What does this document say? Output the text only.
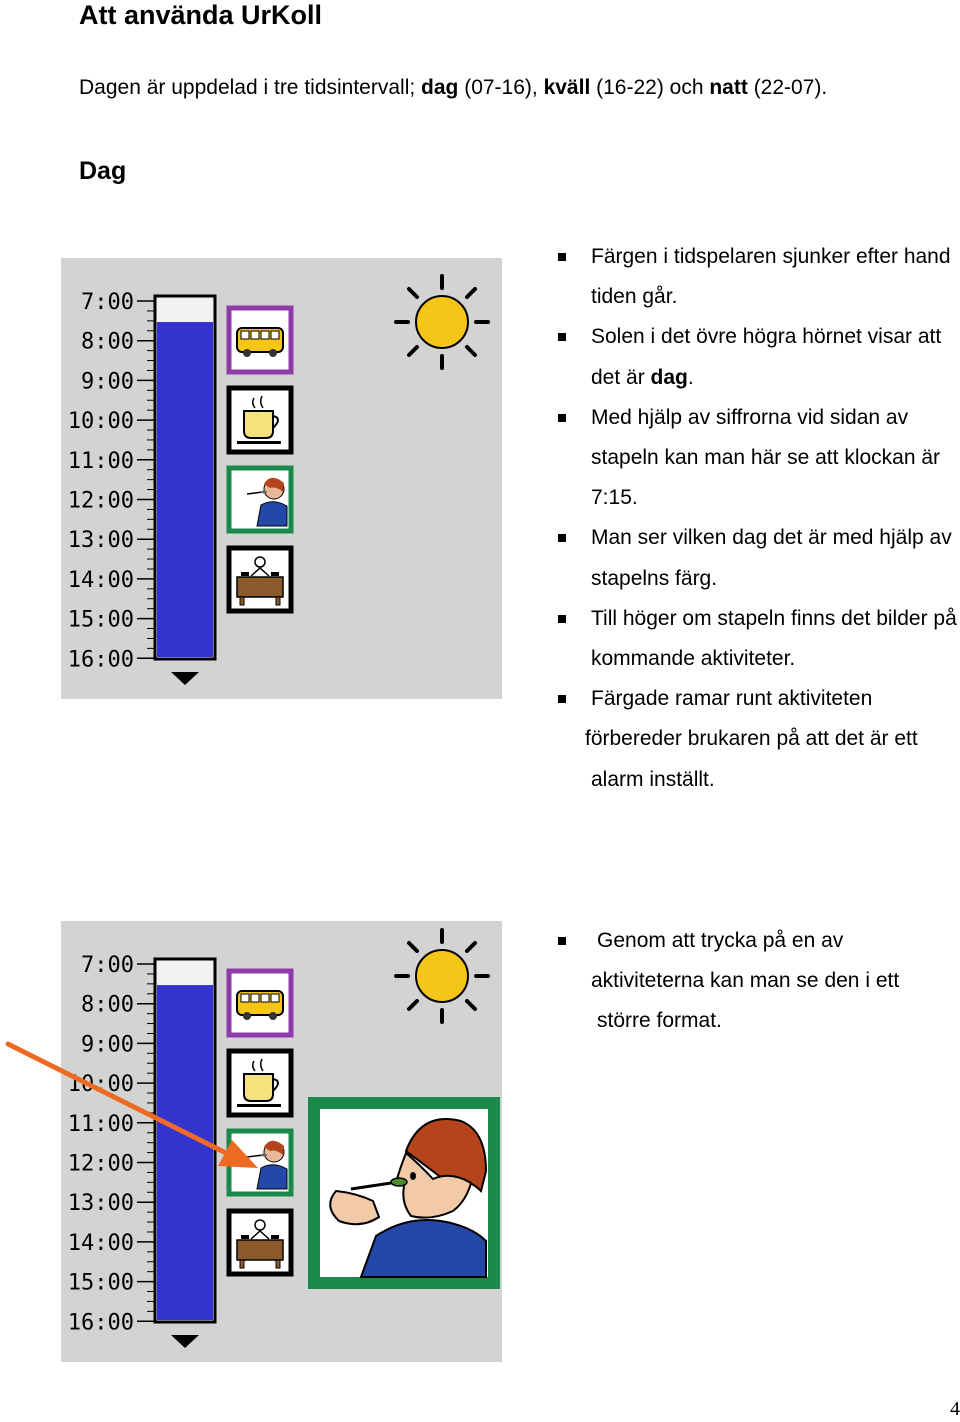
Att använda UrKoll

Dagen är uppdelad i tre tidsintervall; dag (07-16), kväll (16-22) och natt (22-07).

Dag
7:00
8:00
9:00
10:00
11:00
12:00
13:00
14:00
15:00
16:00
Färgen i tidspelaren sjunker efter hand tiden går.
Solen i det övre högra hörnet visar att det är dag.
Med hjälp av siffrorna vid sidan av stapeln kan man här se att klockan är 7:15.
Man ser vilken dag det är med hjälp av stapelns färg.
Till höger om stapeln finns det bilder på kommande aktiviteter.
Färgade ramar runt aktiviteten
förbereder brukaren på att det är ett alarm inställt.
7:00
8:00
9:00
10:00
11:00
12:00
13:00
14:00
15:00
16:00
Genom att trycka på en av
aktiviteterna kan man se den i ett större format.
4
